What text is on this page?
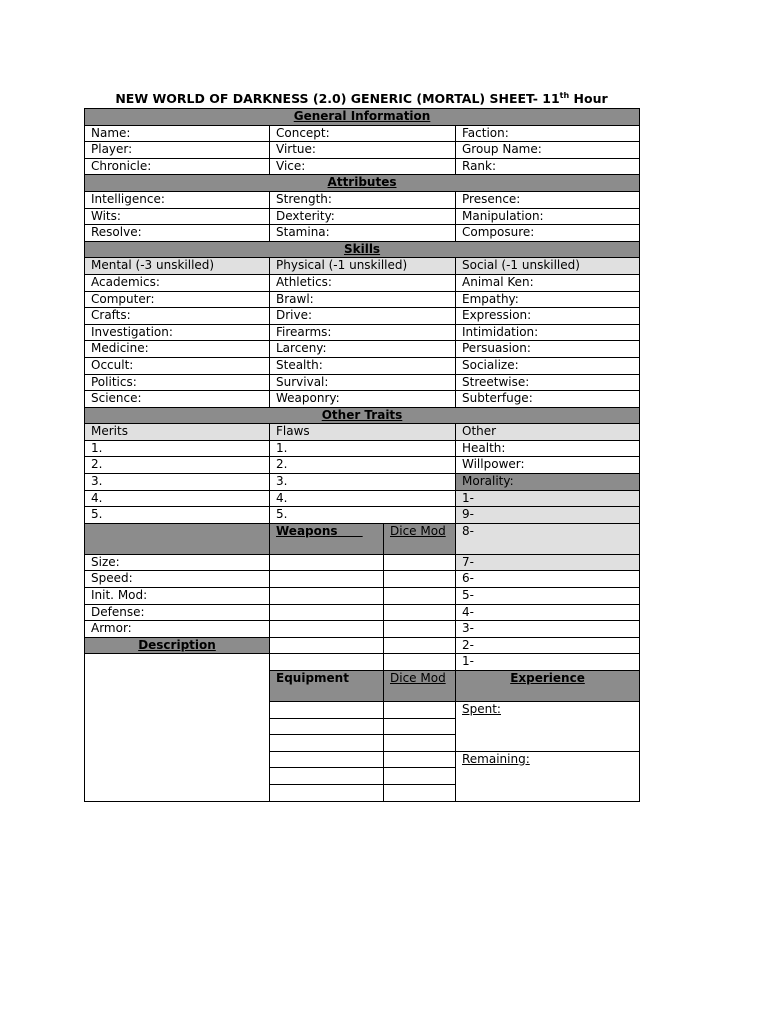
NEW WORLD OF DARKNESS (2.0) GENERIC (MORTAL) SHEET- 11th Hour
General Information			
Name:	Concept:		Faction:
Player:	Virtue:		Group Name:
Chronicle:	Vice:		Rank:
Attributes			
Intelligence:	Strength:		Presence:
Wits:	Dexterity:		Manipulation:
Resolve:	Stamina:		Composure:
Skills			
Mental (-3 unskilled)	Physical (-1 unskilled)		Social (-1 unskilled)
Academics:	Athletics:		Animal Ken:
Computer:	Brawl:		Empathy:
Crafts:	Drive:		Expression:
Investigation:	Firearms:		Intimidation:
Medicine:	Larceny:		Persuasion:
Occult:	Stealth:		Socialize:
Politics:	Survival:		Streetwise:
Science:	Weaponry:		Subterfuge:
Other Traits			
Merits	Flaws		Other
1.	1.		Health:
2.	2.		Willpower:
3.	3.		Morality:
4.	4.		1-
5.	5.		9-
	Weapons	Dice Mod	8-
Size:			7-
Speed:			6-
Init. Mod:			5-
Defense:			4-
Armor:			3-
Description			2-
			1-
	Equipment	Dice Mod	Experience
			Spent:

			Remaining:
